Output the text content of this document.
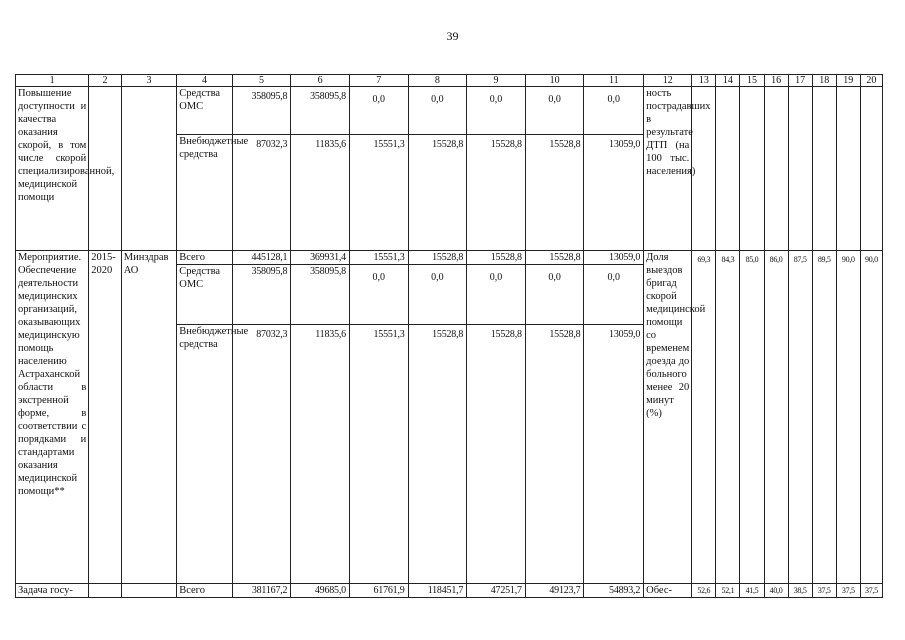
39
1	2	3	4	5	6	7	8	9	10	11	12	13	14	15	16	17	18	19	20
Повышение доступности и качества оказания скорой, в том числе скорой специализированной, медицинской помощи			Средства ОМС	358095,8	358095,8	0,0	0,0	0,0	0,0	0,0	ность пострадавших в результате ДТП (на 100 тыс. населения)								
			Внебюджетные средства	87032,3	11835,6	15551,3	15528,8	15528,8	15528,8	13059,0									
Мероприятие. Обеспечение деятельности медицинских организаций, оказывающих медицинскую помощь населению Астраханской области в экстренной форме, в соответствии с порядками и стандартами оказания медицинской помощи**	2015-2020	Минздрав АО	Всего	445128,1	369931,4	15551,3	15528,8	15528,8	15528,8	13059,0	Доля выездов бригад скорой медицинской помощи со временем доезда до больного менее 20 минут (%)	69,3	84,3	85,0	86,0	87,5	89,5	90,0	90,0
			Средства ОМС	358095,8	358095,8	0,0	0,0	0,0	0,0	0,0									
			Внебюджетные средства	87032,3	11835,6	15551,3	15528,8	15528,8	15528,8	13059,0									
Задача госу-			Всего	381167,2	49685,0	61761,9	118451,7	47251,7	49123,7	54893,2	Обес-	52,6	52,1	41,5	40,0	38,5	37,5	37,5	37,5
